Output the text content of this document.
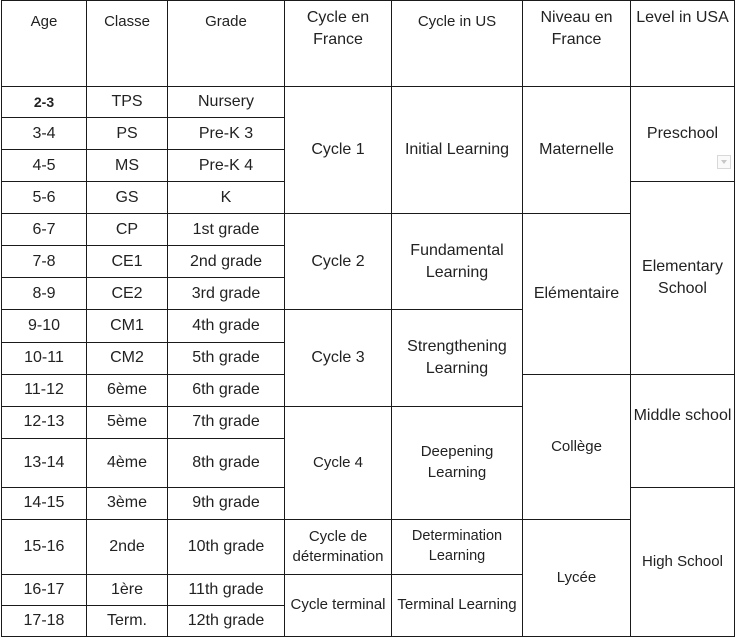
Age	Classe	Grade	Cycle en France	Cycle in US	Niveau en France	Level in USA
2-3	TPS	Nursery	Cycle 1	Initial Learning	Maternelle	Preschool

3-4	PS	Pre-K 3				
4-5	MS	Pre-K 4				
5-6	GS	K				Elementary School
6-7	CP	1st grade	Cycle 2	Fundamental Learning	Elémentaire	
7-8	CE1	2nd grade				
8-9	CE2	3rd grade				
9-10	CM1	4th grade	Cycle 3	Strengthening Learning		
10-11	CM2	5th grade				
11-12	6ème	6th grade			Collège	Middle school
12-13	5ème	7th grade	Cycle 4	Deepening Learning		
13-14	4ème	8th grade				
14-15	3ème	9th grade				High School
15-16	2nde	10th grade	Cycle de détermination	Determination Learning	Lycée	
16-17	1ère	11th grade	Cycle terminal	Terminal Learning		
17-18	Term.	12th grade				
